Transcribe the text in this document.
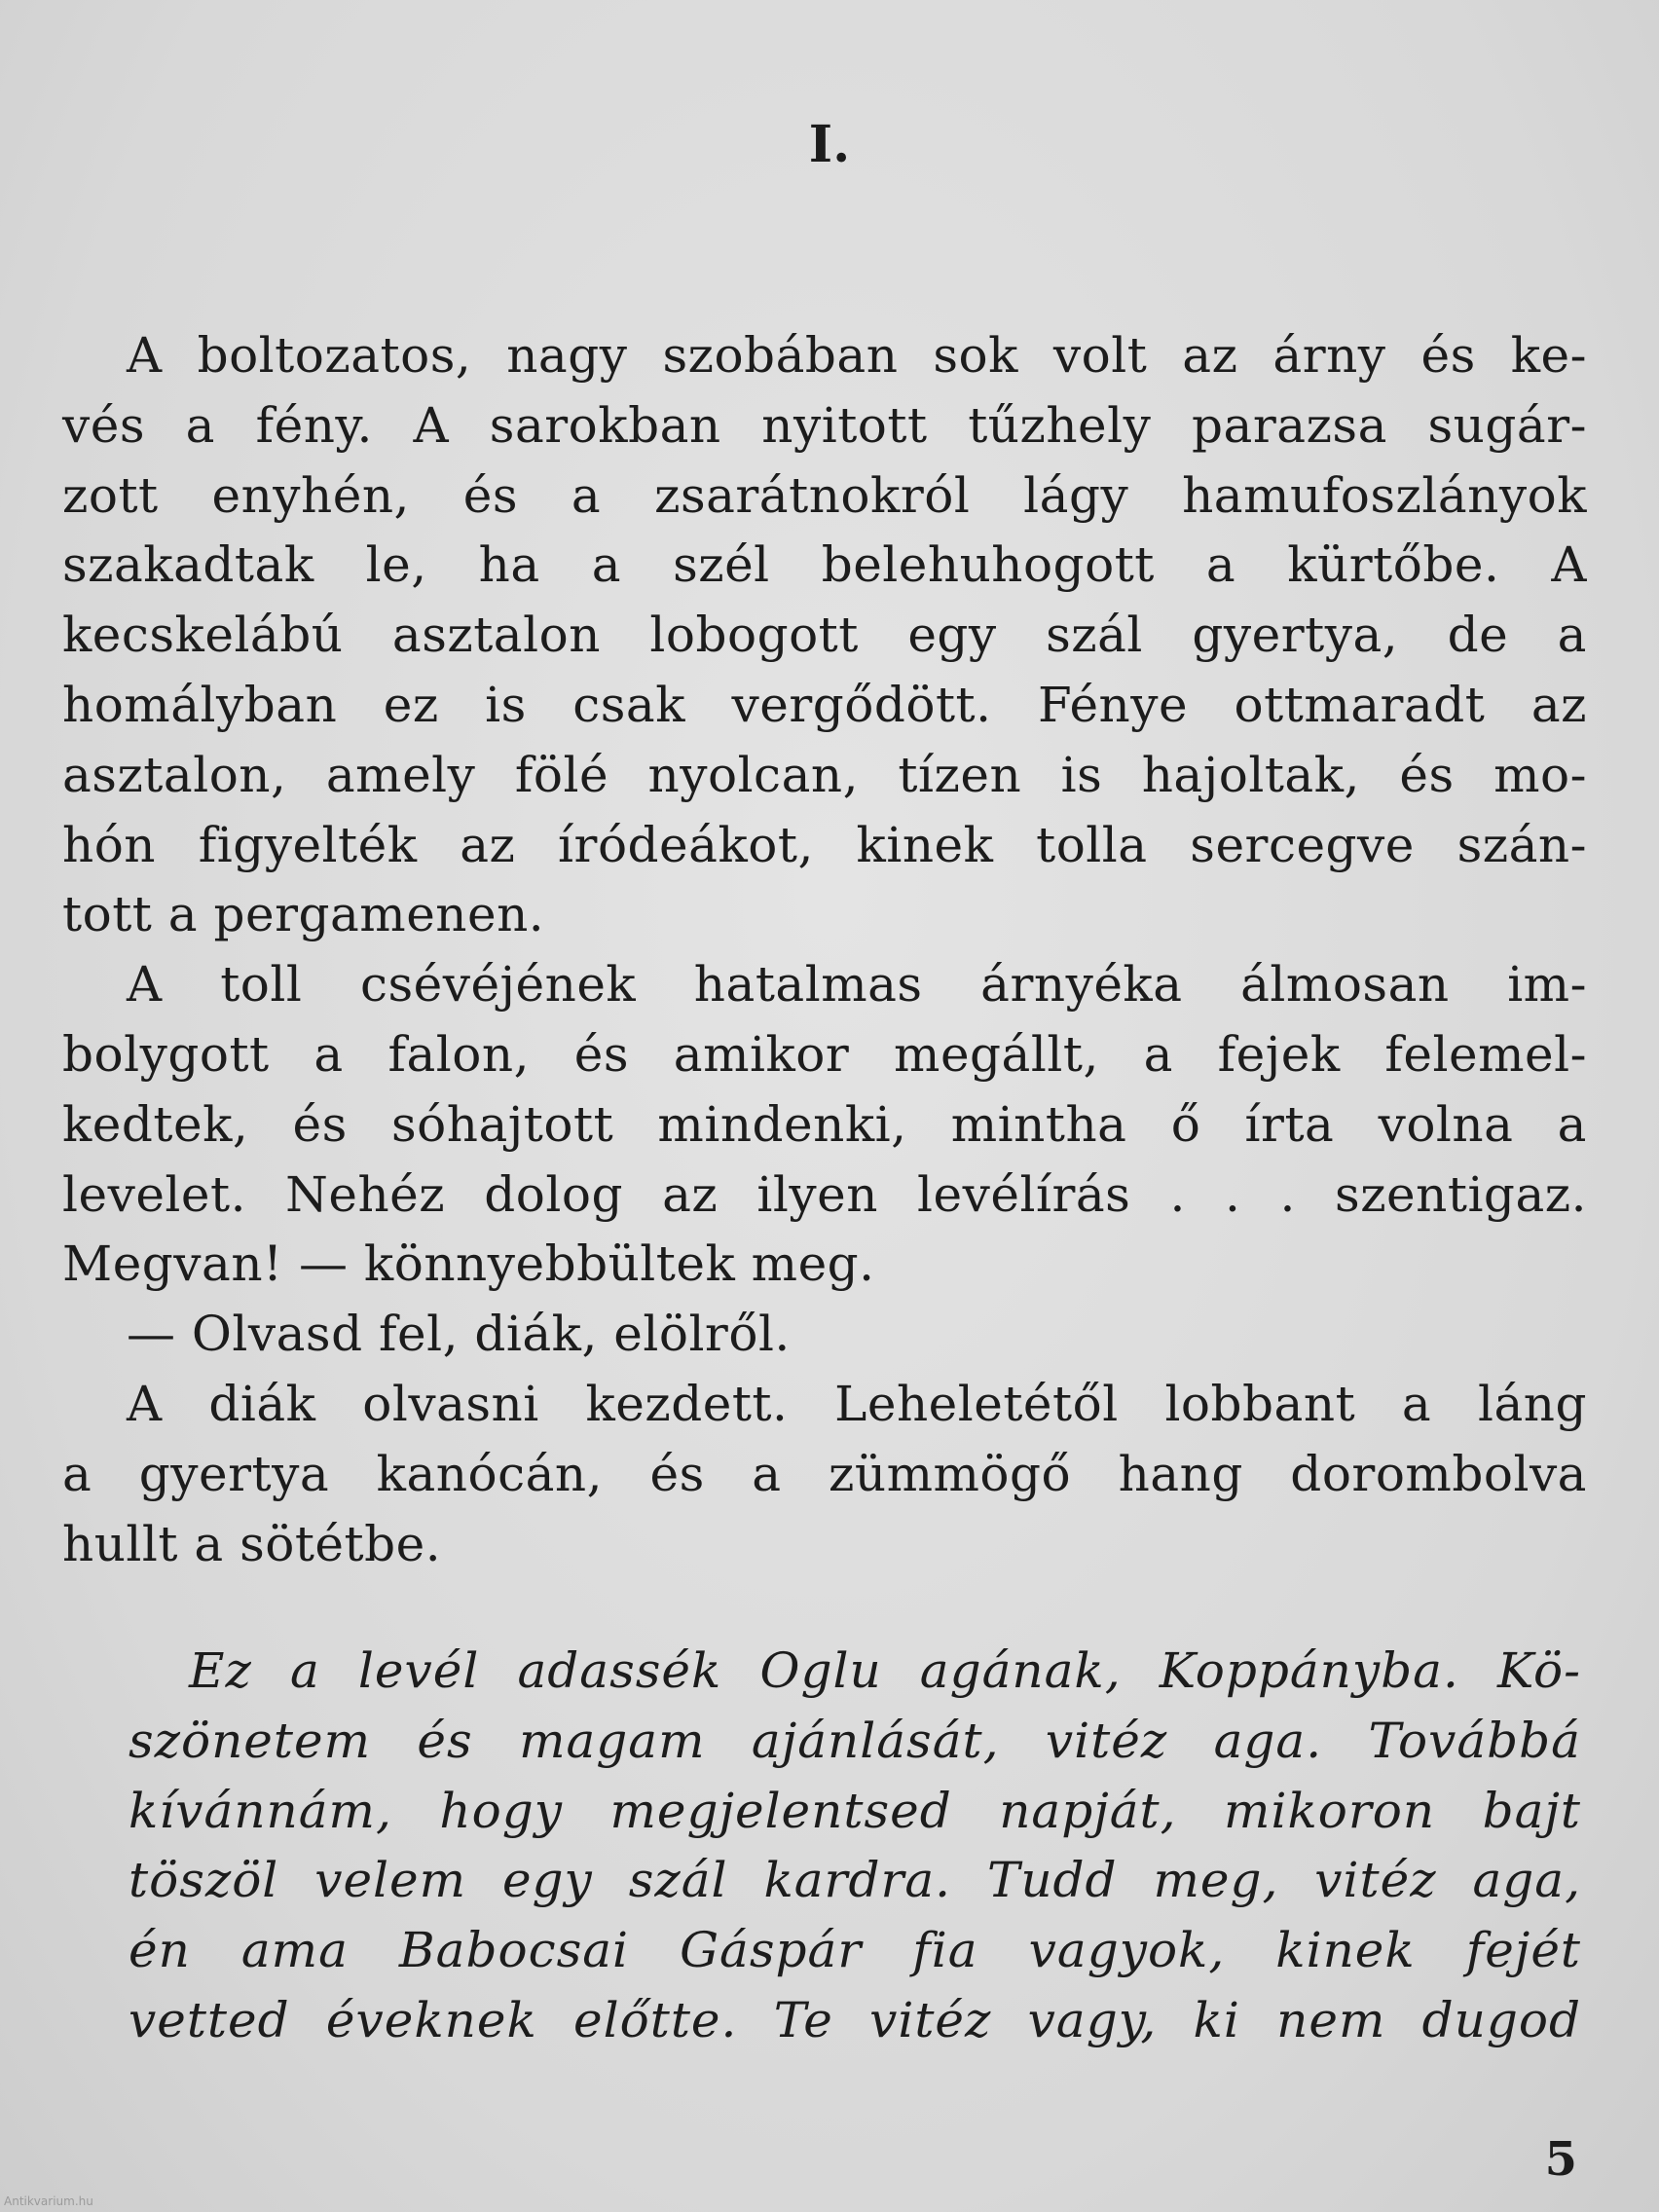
I.
A boltozatos, nagy szobában sok volt az árny és ke-
vés a fény. A sarokban nyitott tűzhely parazsa sugár-
zott enyhén, és a zsarátnokról lágy hamufoszlányok
szakadtak le, ha a szél belehuhogott a kürtőbe. A
kecskelábú asztalon lobogott egy szál gyertya, de a
homályban ez is csak vergődött. Fénye ottmaradt az
asztalon, amely fölé nyolcan, tízen is hajoltak, és mo-
hón figyelték az íródeákot, kinek tolla sercegve szán-
tott a pergamenen.
A toll csévéjének hatalmas árnyéka álmosan im-
bolygott a falon, és amikor megállt, a fejek felemel-
kedtek, és sóhajtott mindenki, mintha ő írta volna a
levelet. Nehéz dolog az ilyen levélírás . . . szentigaz.
Megvan! — könnyebbültek meg.
— Olvasd fel, diák, elölről.
A diák olvasni kezdett. Leheletétől lobbant a láng
a gyertya kanócán, és a zümmögő hang dorombolva
hullt a sötétbe.
Ez a levél adassék Oglu agának, Koppányba. Kö-
szönetem és magam ajánlását, vitéz aga. Továbbá
kívánnám, hogy megjelentsed napját, mikoron bajt
töszöl velem egy szál kardra. Tudd meg, vitéz aga,
én ama Babocsai Gáspár fia vagyok, kinek fejét
vetted éveknek előtte. Te vitéz vagy, ki nem dugod
5
Antikvarium.hu
